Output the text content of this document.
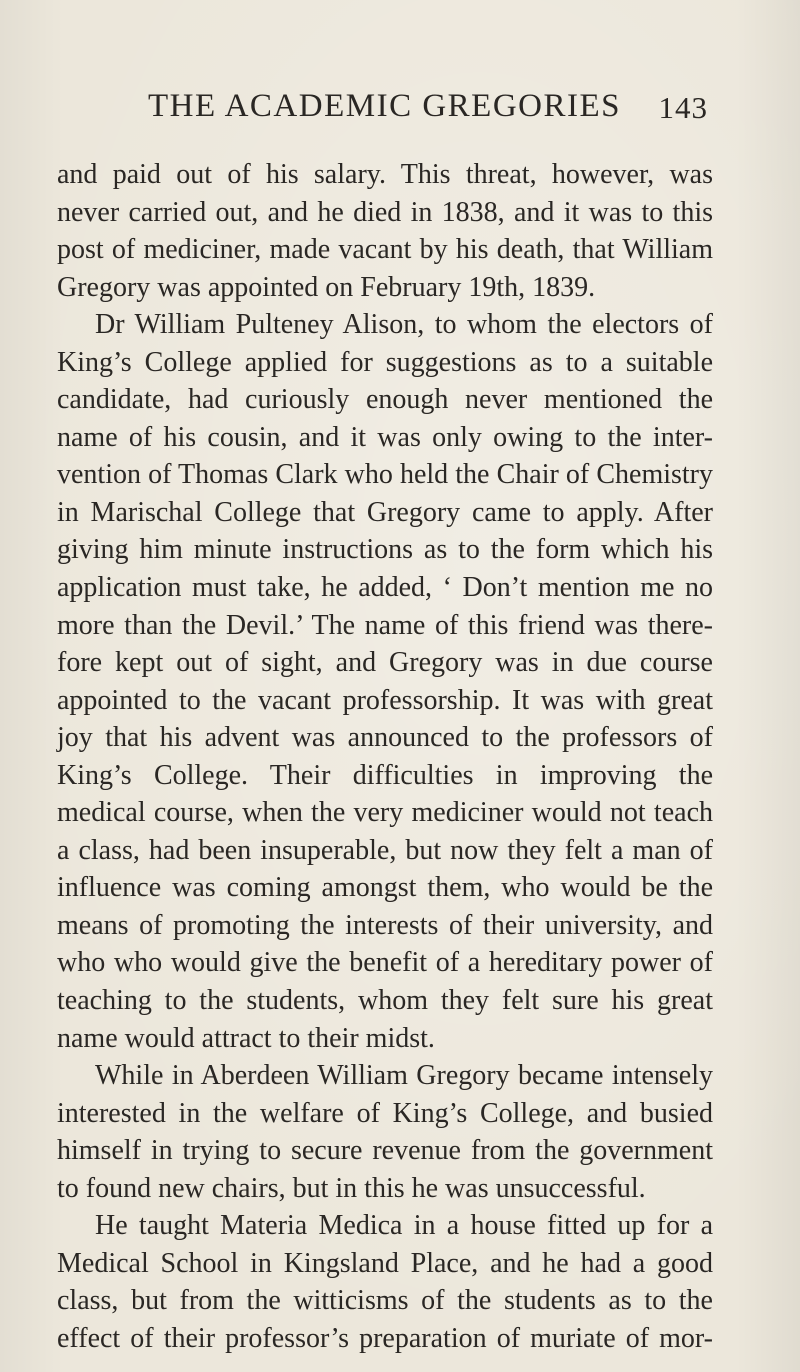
THE ACADEMIC GREGORIES 143
and paid out of his salary. This threat, however, was
never carried out, and he died in 1838, and it was to this
post of mediciner, made vacant by his death, that William
Gregory was appointed on February 19th, 1839.
Dr William Pulteney Alison, to whom the electors of
King’s College applied for suggestions as to a suitable
candidate, had curiously enough never mentioned the
name of his cousin, and it was only owing to the inter-
vention of Thomas Clark who held the Chair of Chemistry
in Marischal College that Gregory came to apply. After
giving him minute instructions as to the form which his
application must take, he added, ‘ Don’t mention me no
more than the Devil.’ The name of this friend was there-
fore kept out of sight, and Gregory was in due course
appointed to the vacant professorship. It was with great
joy that his advent was announced to the professors of
King’s College. Their difficulties in improving the
medical course, when the very mediciner would not teach
a class, had been insuperable, but now they felt a man of
influence was coming amongst them, who would be the
means of promoting the interests of their university, and
who who would give the benefit of a hereditary power of
teaching to the students, whom they felt sure his great
name would attract to their midst.
While in Aberdeen William Gregory became intensely
interested in the welfare of King’s College, and busied
himself in trying to secure revenue from the government
to found new chairs, but in this he was unsuccessful.
He taught Materia Medica in a house fitted up for a
Medical School in Kingsland Place, and he had a good
class, but from the witticisms of the students as to the
effect of their professor’s preparation of muriate of mor-
